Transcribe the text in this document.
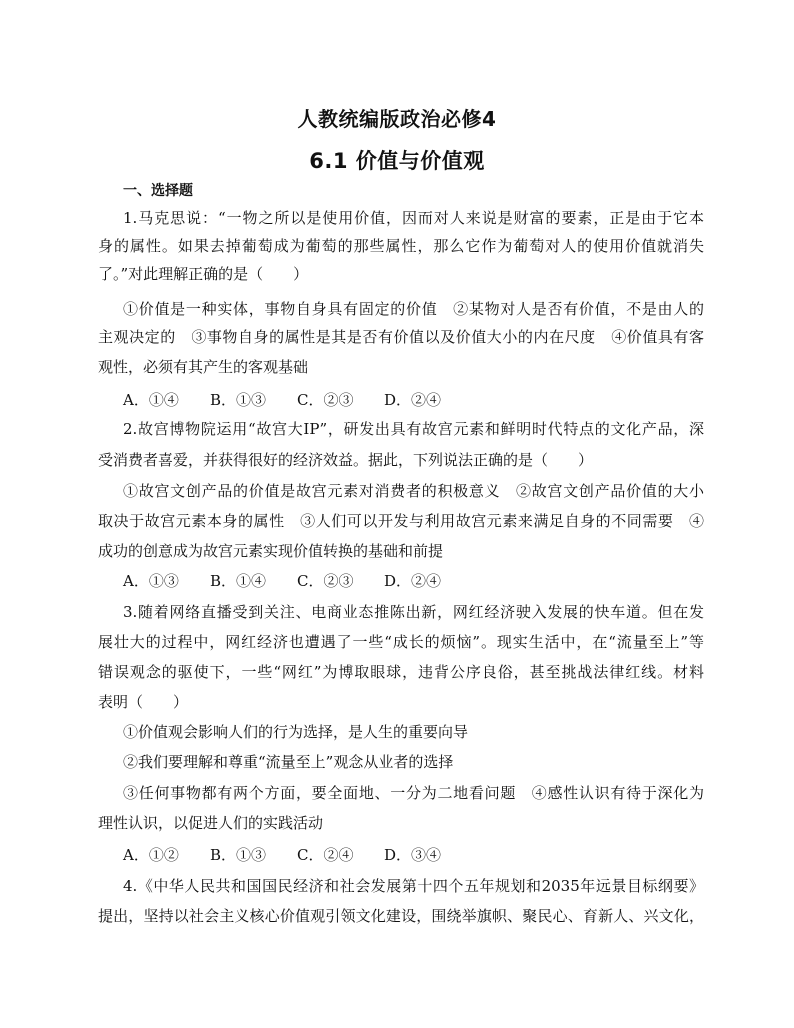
人教统编版政治必修4
6.1 价值与价值观
一、选择题
1.马克思说：“一物之所以是使用价值，因而对人来说是财富的要素，正是由于它本
身的属性。如果去掉葡萄成为葡萄的那些属性，那么它作为葡萄对人的使用价值就消失
了。”对此理解正确的是（　　）
①价值是一种实体，事物自身具有固定的价值　②某物对人是否有价值，不是由人的
主观决定的　③事物自身的属性是其是否有价值以及价值大小的内在尺度　④价值具有客
观性，必须有其产生的客观基础
A．①④ B．①③ C．②③ D．②④
2.故宫博物院运用“故宫大IP”，研发出具有故宫元素和鲜明时代特点的文化产品，深
受消费者喜爱，并获得很好的经济效益。据此，下列说法正确的是（　　）
①故宫文创产品的价值是故宫元素对消费者的积极意义　②故宫文创产品价值的大小
取决于故宫元素本身的属性　③人们可以开发与利用故宫元素来满足自身的不同需要　④
成功的创意成为故宫元素实现价值转换的基础和前提
A．①③ B．①④ C．②③ D．②④
3.随着网络直播受到关注、电商业态推陈出新，网红经济驶入发展的快车道。但在发
展壮大的过程中，网红经济也遭遇了一些“成长的烦恼”。现实生活中，在“流量至上”等
错误观念的驱使下，一些“网红”为博取眼球，违背公序良俗，甚至挑战法律红线。材料
表明（　　）
①价值观会影响人们的行为选择，是人生的重要向导
②我们要理解和尊重“流量至上”观念从业者的选择
③任何事物都有两个方面，要全面地、一分为二地看问题　④感性认识有待于深化为
理性认识，以促进人们的实践活动
A．①② B．①③ C．②④ D．③④
4.《中华人民共和国国民经济和社会发展第十四个五年规划和2035年远景目标纲要》
提出，坚持以社会主义核心价值观引领文化建设，围绕举旗帜、聚民心、育新人、兴文化，
